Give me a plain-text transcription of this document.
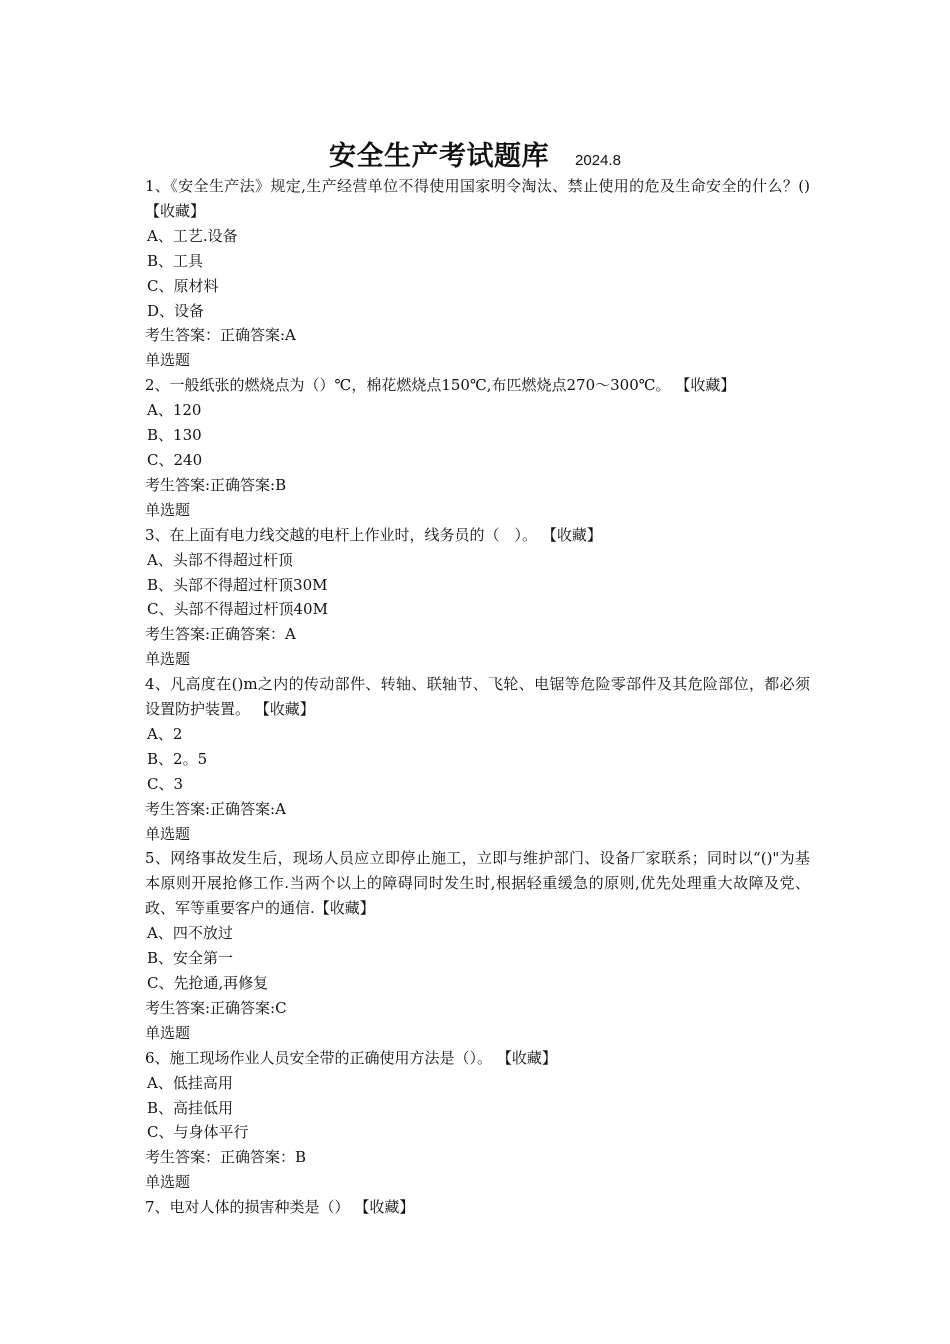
安全生产考试题库 2024.8
1、《安全生产法》规定,生产经营单位不得使用国家明令淘汰、禁止使用的危及生命安全的什么？()【收藏】
A、工艺.设备
B、工具
C、原材料
D、设备
考生答案：正确答案:A
单选题
2、一般纸张的燃烧点为（）℃，棉花燃烧点150℃,布匹燃烧点270～300℃。 【收藏】
A、120
B、130
C、240
考生答案:正确答案:B
单选题
3、在上面有电力线交越的电杆上作业时，线务员的（　）。 【收藏】
A、头部不得超过杆顶
B、头部不得超过杆顶30M
C、头部不得超过杆顶40M
考生答案:正确答案：A
单选题
4、凡高度在()m之内的传动部件、转轴、联轴节、飞轮、电锯等危险零部件及其危险部位，都必须设置防护装置。 【收藏】
A、2
B、2。5
C、3
考生答案:正确答案:A
单选题
5、网络事故发生后，现场人员应立即停止施工，立即与维护部门、设备厂家联系；同时以“()"为基本原则开展抢修工作.当两个以上的障碍同时发生时,根据轻重缓急的原则,优先处理重大故障及党、政、军等重要客户的通信.【收藏】
A、四不放过
B、安全第一
C、先抢通,再修复
考生答案:正确答案:C
单选题
6、施工现场作业人员安全带的正确使用方法是（）。 【收藏】
A、低挂高用
B、高挂低用
C、与身体平行
考生答案：正确答案：B
单选题
7、电对人体的损害种类是（） 【收藏】
